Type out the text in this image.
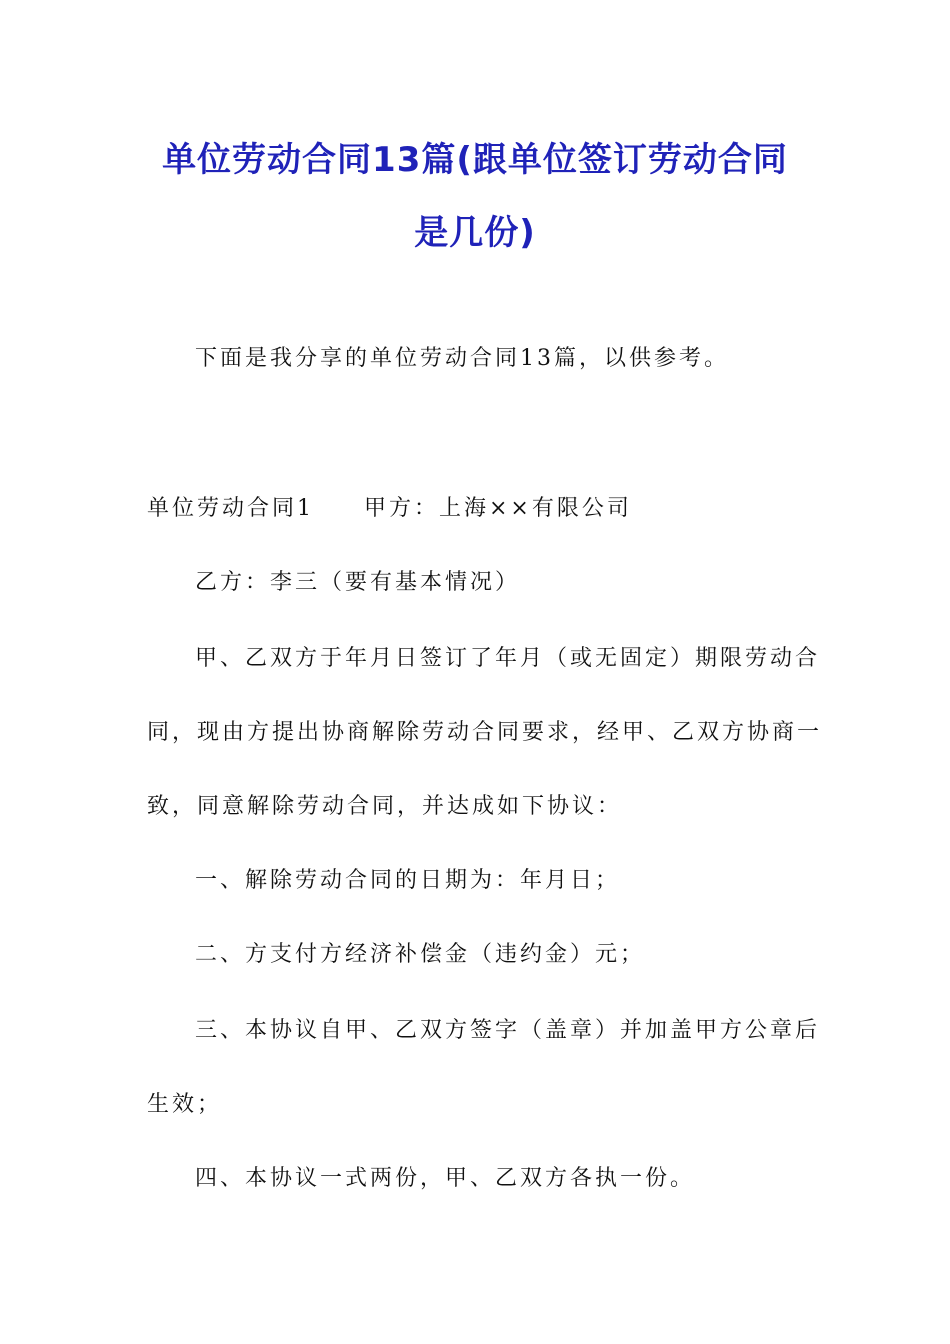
单位劳动合同13篇(跟单位签订劳动合同
是几份)
下面是我分享的单位劳动合同13篇，以供参考。
单位劳动合同1　　甲方：上海××有限公司
乙方：李三（要有基本情况）
甲、乙双方于年月日签订了年月（或无固定）期限劳动合
同，现由方提出协商解除劳动合同要求，经甲、乙双方协商一
致，同意解除劳动合同，并达成如下协议：
一、解除劳动合同的日期为：年月日；
二、方支付方经济补偿金（违约金）元；
三、本协议自甲、乙双方签字（盖章）并加盖甲方公章后
生效；
四、本协议一式两份，甲、乙双方各执一份。
